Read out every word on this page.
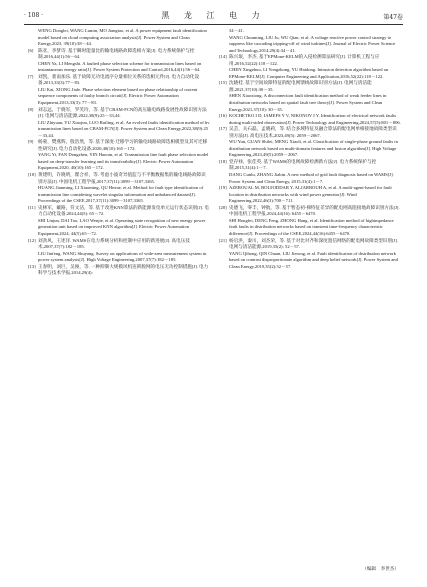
· 108 ·	黑 龙 江 电 力	第47卷
WENG Donglei, WANG Lumin, MO Jiangtao, et al. A power equipment fault identification model based on cloud computing association analysis[J]. Power System and Clean Energy,2023, 39(10):38－44.
[6]	陈亚，李梦诗. 基于瞬时能量比的输电线路故障选相方案[J]. 电力系统保护与控制,2016,44(1):56－64.
CHEN Ya, LI Mengshi. A faulted phase selection scheme for transmission lines based on instantaneous energy ratio[J]. Power System Protection and Control,2016,44(1):56－64.
[7]	刘凯，裴南加乐. 基于故障无功电流序分量相位关系的选相元件[J]. 电力自动化设备,2013,33(3):77－83.
LIU Kai, XIONG Jiale. Phase selection element based on phase relationship of current sequence components of faulty branch circuit[J]. Electric Power Automation Equipment,2013,33(3): 77－83.
[8]	刘志远，于晓军，罗芙玲，等. 基于CBAM-FCN的高压输电线路发展性故障识别方法[J]. 电网与清洁能源,2022,38(9):25－33,44.
LIU Zhiyuan, YU Xiaojun, LUO Ruiling, et al. An evolved faults identification method of hv transmission lines based on CBAM-FCN[J]. Power System and Clean Energy,2022,38(9):25－33,44.
[9]	杨蒙，樊燕辉，殷浩然，等. 基于深度-迁移学习的输电线路故障选相模型及其可迁移性研究[J]. 电力自动化设备,2020,40(10):165－172.
YANG Yi, FAN Dongzhen, YIN Haoran, et al. Transmission line fault phase selection model based on deep-transfer learning and its transferability[J]. Electric Power Automation Equipment,2020, 40(10):165－172.
[10] 黄建明，许晓明，瞿合祥，等. 考虑小波奇异值监与不平衡数据集的输电线路故障识别方法[J]. 中国电机工程学报,2017,37(11):3099－3107,3365.
HUANG Jianming, LI Xiaoming, QU Hexue, et al. Method for fault type identification of transmission line considering wavelet singular information and unbalanced dataset[J]. Proceedings of the CSEE,2017,37(11):3099－3107,3365.
[11] 史林军，戴路，符文洁，等. 基于改进KNN算法的新能源发电单元运行状态识别[J]. 电力自动化设备,2024,44(5): 65－72.
SHI Linjun, DAI Tao, LAO Wenjie, et al. Operating state recognition of new energy power generation unit based on improved KNN algorithm[J]. Electric Power Automation Equipment,2024, 44(5):65－72.
[12] 刘劲风，王述洋. WAMS在电力系统分析和控制中应用的新进展[J]. 高电压技术,2007,37(7):182－185.
LIU Jinfeng, WANG Shuyang. Survey on applications of wide-area measurement system in power system analysis[J]. High Voltage Engineering,2007,37(7):182－185.
[13] 王春明，刘巨，吴俊，等. 一种抑制大规模风机连锁脱网的电压无功控制措施[J]. 电力科学与技术学报,2014,29(4):
34－41.
WANG Chunming, LIU Ju, WU Qian, et al. A voltage reactive power control strategy to suppress like cascading tripping-off of wind turbines[J]. Journal of Electric Power Science and Technology,2014,29(4):34－41.
[14] 陈兴珉，李杰. 基于EPMone-KELM的入侵检测算法研究[J]. 计算机工程与应用,2016,52(22):118－122.
CHEN Xingzhuo, LI Yongzhong, YU Haidong. Intrusion detection algorithm based on EPMone-KELM[J]. Computer Engineering and Application,2016,52(22):118－122.
[15] 沈晓桂. 基于空间故障特征的配电网馈线故障识别方法[J]. 电网与清洁能源,2021,37(10):30－35.
SHEN Xiaoxiong. A disconnection fault identification method of weak feeder lines in distribution networks based on spatial fault tree theory[J]. Power System and Clean Energy,2021,37(10): 30－35.
[16] KOCHETKO I D, IAMEFS Y V, NIKONOV I Y. Identification of electrical network faults during multi-sided observation[J]. Power Technology and Engineering,2024,57(5):801－806.
[17] 吴芸，关石磊，孟晓莉，等. 结合多域特征及融合算法的配电网单相接地故障类型识别方法[J]. 高电压技术,2023,49(5): 2059－2067.
WU Yun, GUAN Shilei, MENG Xiaoli, et al. Classification of single-phase ground faults in distribution network based on multi-domain features and fusion algorithm[J]. High Voltage Engineering,2023,49(5):2059－2067.
[18] 党存禄，张佳英. 基于WAMS的电网故障检测新方法[J]. 电力系统保护与控制,2015,31(4):1－7.
DANG Cunlu, ZHANG Jiabin. A new method of grid fault diagnosis based on WAMS[J]. Power System and Clean Energy, 2015,31(4):1－7.
[19] AZEROUAL M, BOUJODDAR Y, ALJARBOUH A, et al. A multi-agent-based for fault location in distribution networks with wind power generator[J]. Wind Engineering,2022,46(3):700－711.
[20] 史德飞，零丰，钟航，等. 基于暂态初-梯特征差异的配电网高阻接地故障识别方法[J]. 中国电机工程学报,2024,44(16): 6455－6470.
SHI Hongfei, DENG Feng, ZHONG Hang, et al. Identification method of highimpedance fault faults in distribution networks based on transient time-frequency characteristic difference[J]. Proceedings of the CSEE,2024,44(16):6455－6470.
[21] 杨启洪，秦川，刘杰荣，等. 基于对比对齐和深度置信网络的配电网故障类型识别[J]. 电网与清洁能源,2019,35(2): 52－57.
YANG Qihong, QIN Chuan, LIU Jierong, et al. Fault identification of distribution network based on contrast disproportionate algorithm and deep belief network[J]. Power System and Clean Energy,2019,35(2):52－57.
（编辑　李世杰）
